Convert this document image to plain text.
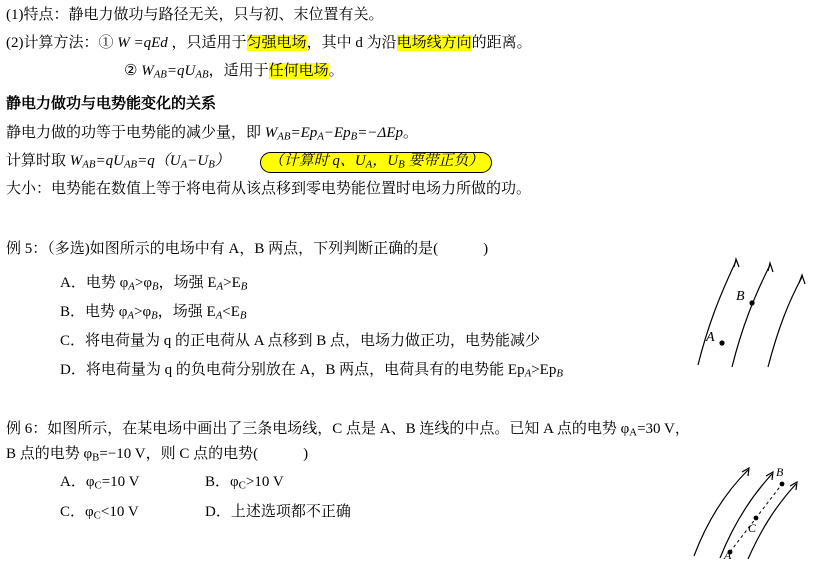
(1)特点：静电力做功与路径无关，只与初、末位置有关。
(2)计算方法：① W =qEd ，只适用于匀强电场，其中 d 为沿电场线方向的距离。
② $W_{AB}=qU_{AB}$，适用于任何电场。
静电力做功与电势能变化的关系
静电力做的功等于电势能的减少量，即 $W_{AB}=Ep_A-Ep_B=-\Delta Ep$。
计算时取 $W_{AB}=qU_{AB}=q(U_A-U_B)$	（计算时 q、$U_A$，$U_B$ 要带正负）
大小：电势能在数值上等于将电荷从该点移到零电势能位置时电场力所做的功。
例 5：（多选)如图所示的电场中有 A，B 两点，下列判断正确的是(　　　)
A．电势 $\varphi_A>\varphi_B$，场强 $E_A>E_B$
B．电势 $\varphi_A>\varphi_B$，场强 $E_A<E_B$
C．将电荷量为 q 的正电荷从 A 点移到 B 点，电场力做正功，电势能减少
D．将电荷量为 q 的负电荷分别放在 A，B 两点，电荷具有的电势能 $Ep_A>Ep_B$
B
A
例 6：如图所示，在某电场中画出了三条电场线，C 点是 A、B 连线的中点。已知 A 点的电势 $\varphi_A=30$ V，
B 点的电势 $\varphi_B=-10$ V，则 C 点的电势(　　　)
A．$\varphi_C=10$ V	B．$\varphi_C>10$ V
C．$\varphi_C<10$ V	D．上述选项都不正确
B
C
A
